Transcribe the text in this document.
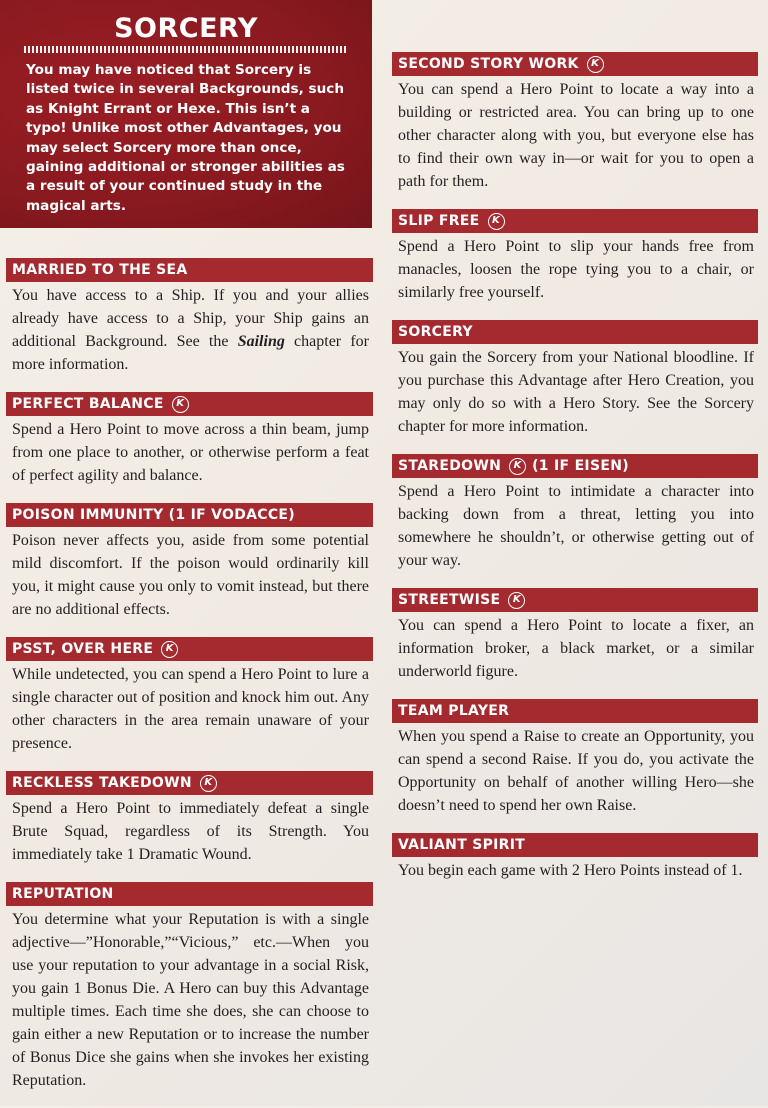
SORCERY

You may have noticed that Sorcery is listed twice in several Backgrounds, such as Knight Errant or Hexe. This isn’t a typo! Unlike most other Advantages, you may select Sorcery more than once, gaining additional or stronger abilities as a result of your continued study in the magical arts.

MARRIED TO THE SEA

You have access to a Ship. If you and your allies already have access to a Ship, your Ship gains an additional Background. See the Sailing chapter for more information.

PERFECT BALANCE	K

Spend a Hero Point to move across a thin beam, jump from one place to another, or otherwise perform a feat of perfect agility and balance.

POISON IMMUNITY (1 IF VODACCE)

Poison never affects you, aside from some potential mild discomfort. If the poison would ordinarily kill you, it might cause you only to vomit instead, but there are no additional effects.

PSST, OVER HERE	K

While undetected, you can spend a Hero Point to lure a single character out of position and knock him out. Any other characters in the area remain unaware of your presence.

RECKLESS TAKEDOWN	K

Spend a Hero Point to immediately defeat a single Brute Squad, regardless of its Strength. You immediately take 1 Dramatic Wound.

REPUTATION

You determine what your Reputation is with a single adjective—”Honorable,”“Vicious,” etc.—When you use your reputation to your advantage in a social Risk, you gain 1 Bonus Die. A Hero can buy this Advantage multiple times. Each time she does, she can choose to gain either a new Reputation or to increase the number of Bonus Dice she gains when she invokes her existing Reputation.

SECOND STORY WORK	K

You can spend a Hero Point to locate a way into a building or restricted area. You can bring up to one other character along with you, but everyone else has to find their own way in—or wait for you to open a path for them.

SLIP FREE	K

Spend a Hero Point to slip your hands free from manacles, loosen the rope tying you to a chair, or similarly free yourself.

SORCERY

You gain the Sorcery from your National bloodline. If you purchase this Advantage after Hero Creation, you may only do so with a Hero Story. See the Sorcery chapter for more information.

STAREDOWN	K (1 IF EISEN)

Spend a Hero Point to intimidate a character into backing down from a threat, letting you into somewhere he shouldn’t, or otherwise getting out of your way.

STREETWISE	K

You can spend a Hero Point to locate a fixer, an information broker, a black market, or a similar underworld figure.

TEAM PLAYER

When you spend a Raise to create an Opportunity, you can spend a second Raise. If you do, you activate the Opportunity on behalf of another willing Hero—she doesn’t need to spend her own Raise.

VALIANT SPIRIT

You begin each game with 2 Hero Points instead of 1.
